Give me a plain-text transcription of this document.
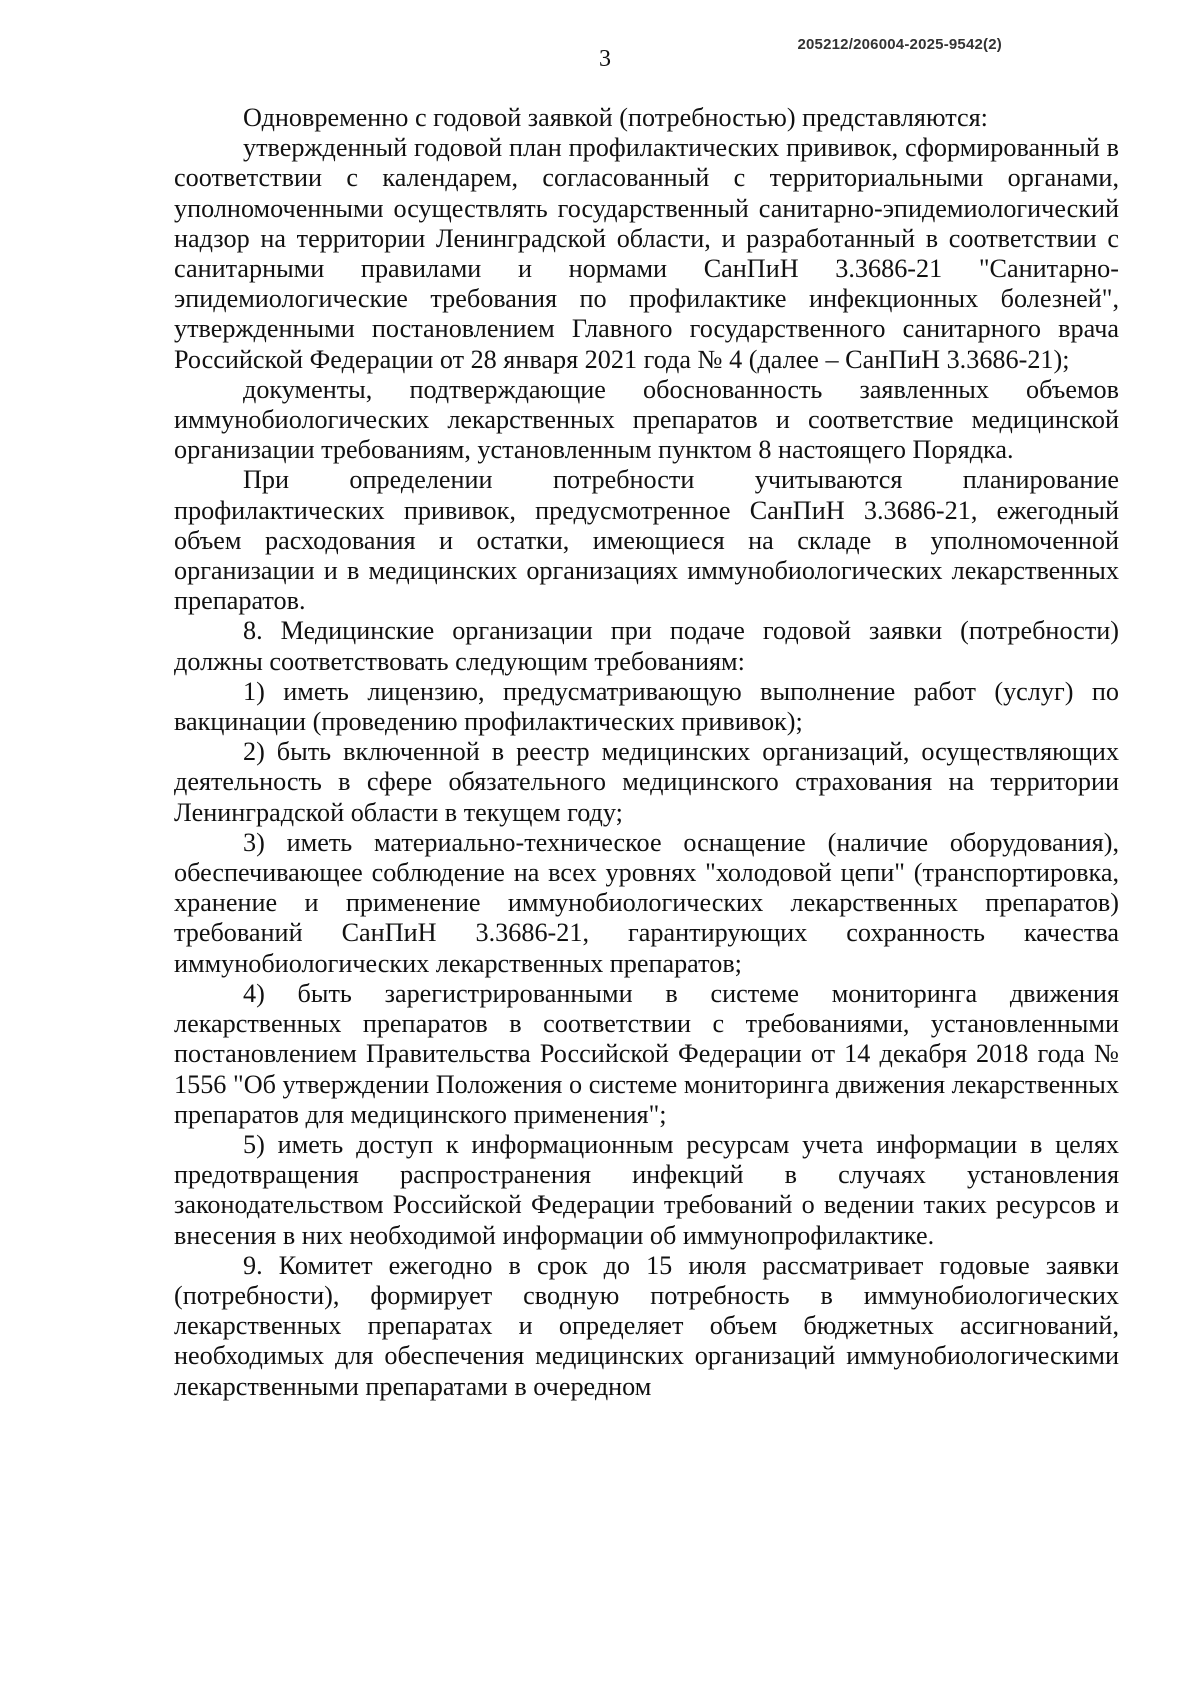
205212/206004-2025-9542(2)
3

Одновременно с годовой заявкой (потребностью) представляются:

утвержденный годовой план профилактических прививок, сформированный в соответствии с календарем, согласованный с территориальными органами, уполномоченными осуществлять государственный санитарно-эпидемиологический надзор на территории Ленинградской области, и разработанный в соответствии с санитарными правилами и нормами СанПиН 3.3686-21 "Санитарно-эпидемиологические требования по профилактике инфекционных болезней", утвержденными постановлением Главного государственного санитарного врача Российской Федерации от 28 января 2021 года № 4 (далее – СанПиН 3.3686-21);

документы, подтверждающие обоснованность заявленных объемов иммунобиологических лекарственных препаратов и соответствие медицинской организации требованиям, установленным пунктом 8 настоящего Порядка.

При определении потребности учитываются планирование профилактических прививок, предусмотренное СанПиН 3.3686-21, ежегодный объем расходования и остатки, имеющиеся на складе в уполномоченной организации и в медицинских организациях иммунобиологических лекарственных препаратов.

8. Медицинские организации при подаче годовой заявки (потребности) должны соответствовать следующим требованиям:

1) иметь лицензию, предусматривающую выполнение работ (услуг) по вакцинации (проведению профилактических прививок);

2) быть включенной в реестр медицинских организаций, осуществляющих деятельность в сфере обязательного медицинского страхования на территории Ленинградской области в текущем году;

3) иметь материально-техническое оснащение (наличие оборудования), обеспечивающее соблюдение на всех уровнях "холодовой цепи" (транспортировка, хранение и применение иммунобиологических лекарственных препаратов) требований СанПиН 3.3686-21, гарантирующих сохранность качества иммунобиологических лекарственных препаратов;

4) быть зарегистрированными в системе мониторинга движения лекарственных препаратов в соответствии с требованиями, установленными постановлением Правительства Российской Федерации от 14 декабря 2018 года № 1556 "Об утверждении Положения о системе мониторинга движения лекарственных препаратов для медицинского применения";

5) иметь доступ к информационным ресурсам учета информации в целях предотвращения распространения инфекций в случаях установления законодательством Российской Федерации требований о ведении таких ресурсов и внесения в них необходимой информации об иммунопрофилактике.

9. Комитет ежегодно в срок до 15 июля рассматривает годовые заявки (потребности), формирует сводную потребность в иммунобиологических лекарственных препаратах и определяет объем бюджетных ассигнований, необходимых для обеспечения медицинских организаций иммунобиологическими лекарственными препаратами в очередном
